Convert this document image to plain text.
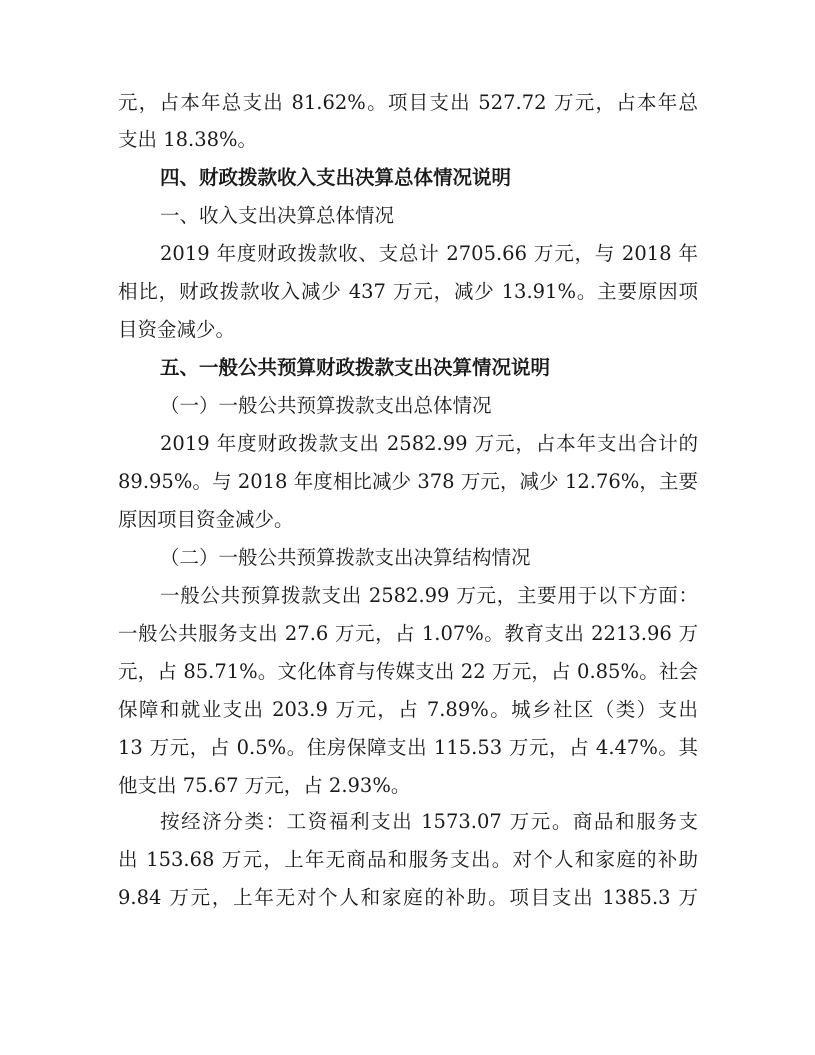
元，占本年总支出 81.62%。项目支出 527.72 万元，占本年总
支出 18.38%。
四、财政拨款收入支出决算总体情况说明
一、收入支出决算总体情况
2019 年度财政拨款收、支总计 2705.66 万元，与 2018 年
相比，财政拨款收入减少 437 万元，减少 13.91%。主要原因项
目资金减少。
五、一般公共预算财政拨款支出决算情况说明
（一）一般公共预算拨款支出总体情况
2019 年度财政拨款支出 2582.99 万元，占本年支出合计的
89.95%。与 2018 年度相比减少 378 万元，减少 12.76%，主要
原因项目资金减少。
（二）一般公共预算拨款支出决算结构情况
一般公共预算拨款支出 2582.99 万元，主要用于以下方面：
一般公共服务支出 27.6 万元，占 1.07%。教育支出 2213.96 万
元，占 85.71%。文化体育与传媒支出 22 万元，占 0.85%。社会
保障和就业支出 203.9 万元，占 7.89%。城乡社区（类）支出
13 万元，占 0.5%。住房保障支出 115.53 万元，占 4.47%。其
他支出 75.67 万元，占 2.93%。
按经济分类：工资福利支出 1573.07 万元。商品和服务支
出 153.68 万元，上年无商品和服务支出。对个人和家庭的补助
9.84 万元，上年无对个人和家庭的补助。项目支出 1385.3 万
